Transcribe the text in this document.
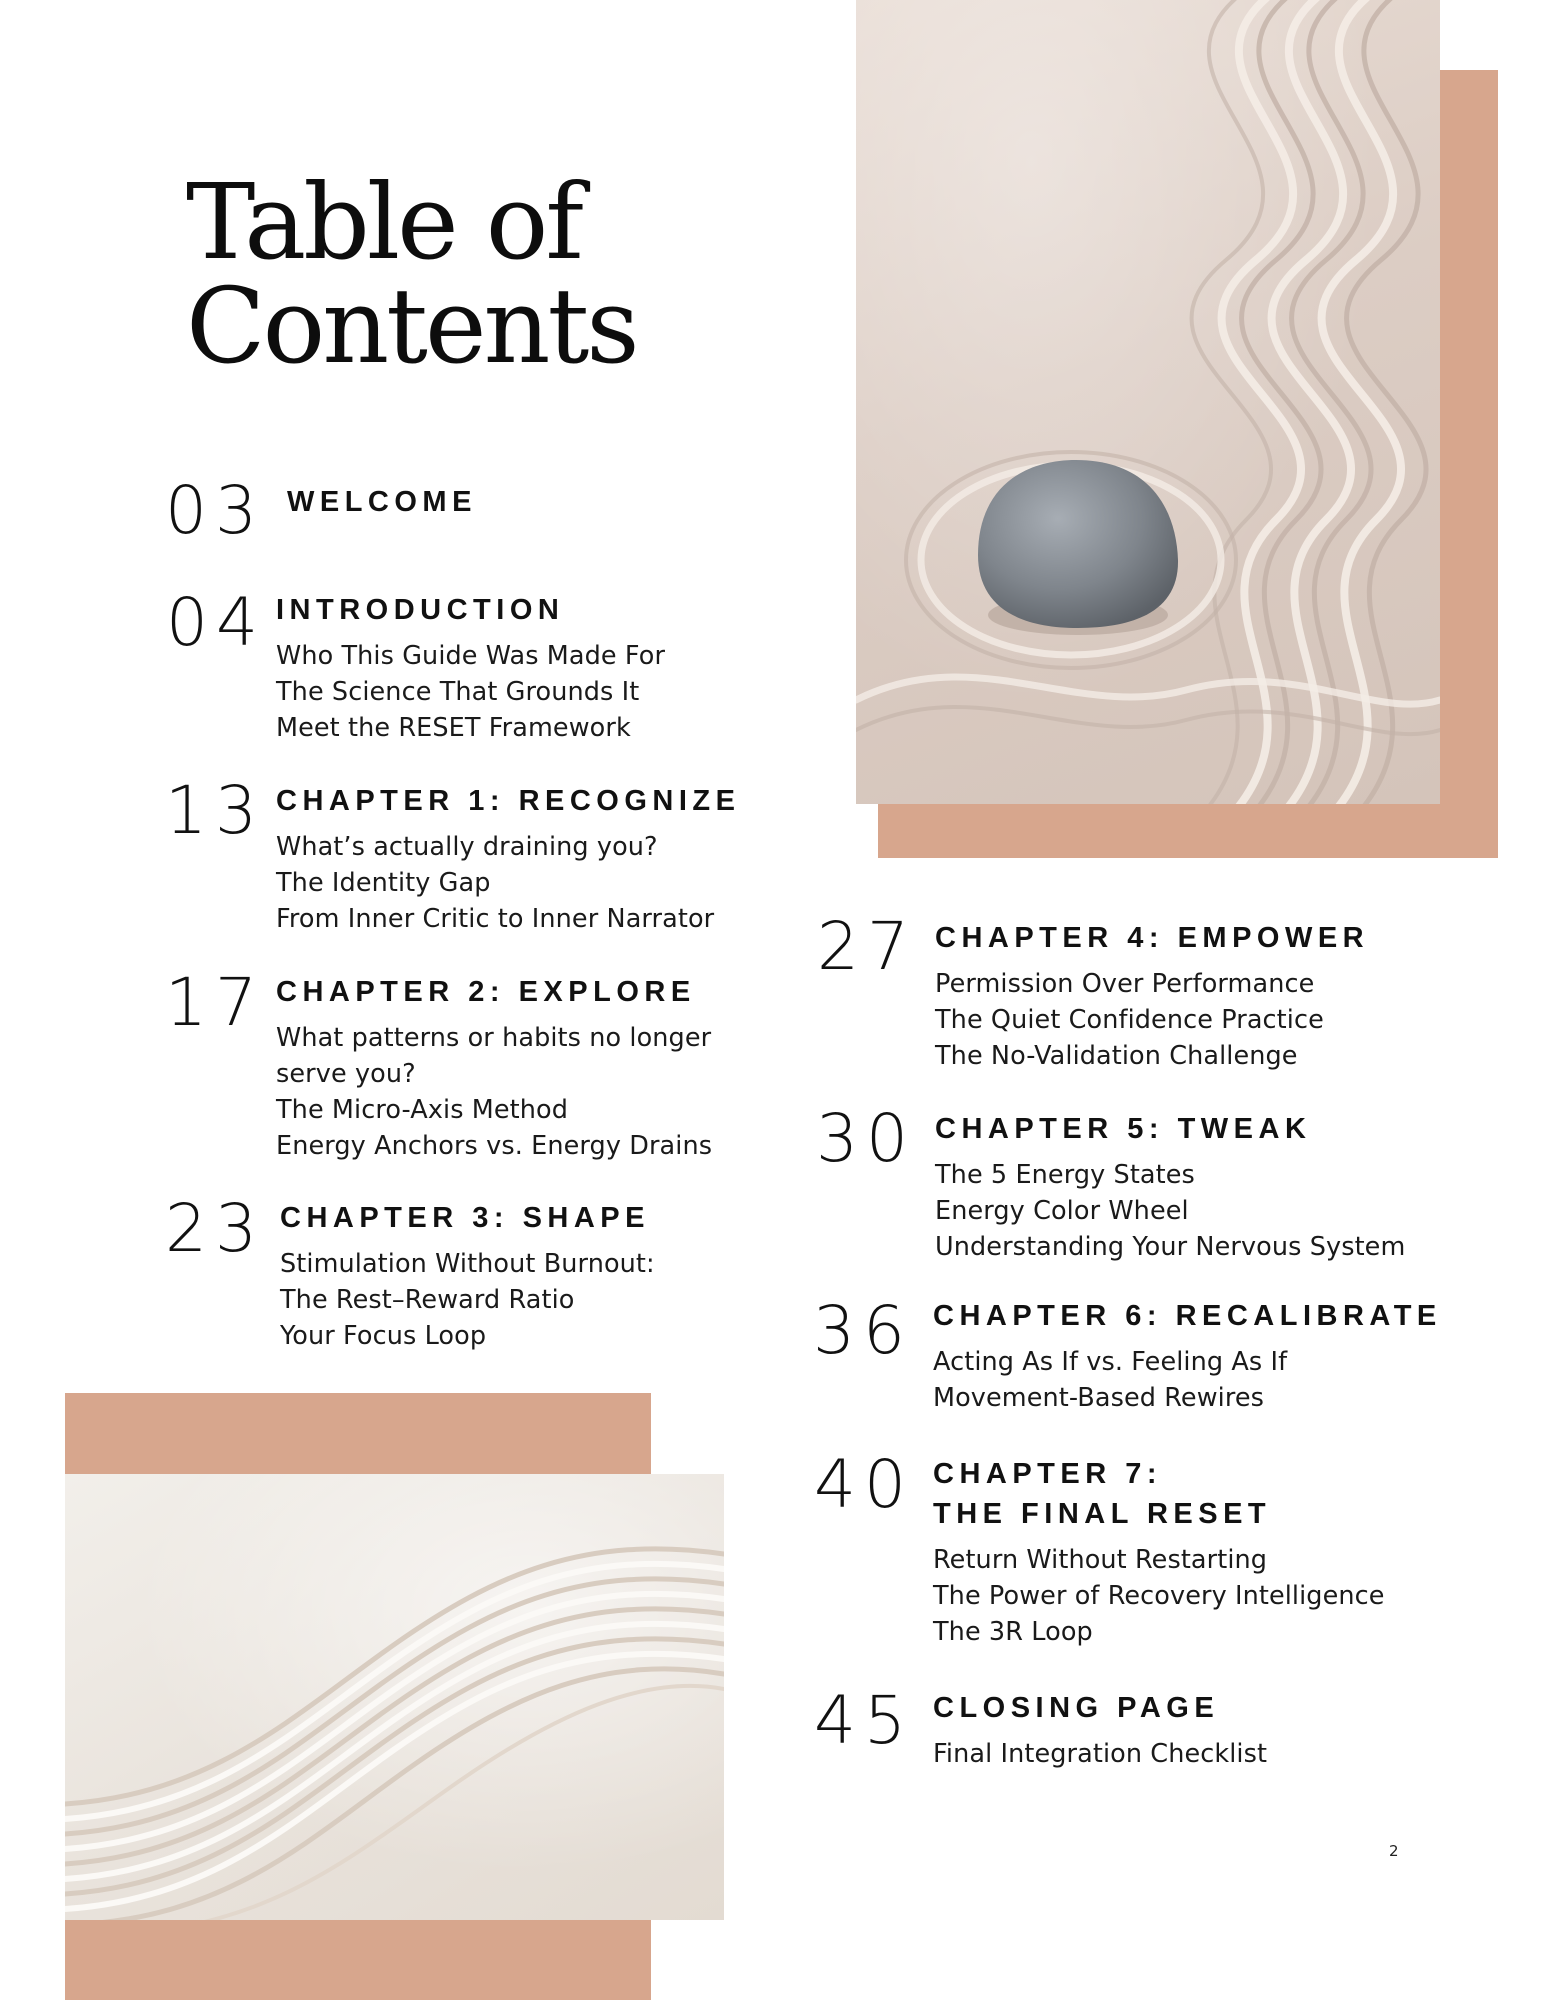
Table of
Contents
03 WELCOME
04 INTRODUCTION
Who This Guide Was Made For
The Science That Grounds It
Meet the RESET Framework
13 CHAPTER 1: RECOGNIZE
What’s actually draining you?
The Identity Gap
From Inner Critic to Inner Narrator
17 CHAPTER 2: EXPLORE
What patterns or habits no longer
serve you?
The Micro-Axis Method
Energy Anchors vs. Energy Drains
23 CHAPTER 3: SHAPE
Stimulation Without Burnout:
The Rest–Reward Ratio
Your Focus Loop
27 CHAPTER 4: EMPOWER
Permission Over Performance
The Quiet Confidence Practice
The No-Validation Challenge
30 CHAPTER 5: TWEAK
The 5 Energy States
Energy Color Wheel
Understanding Your Nervous System
36 CHAPTER 6: RECALIBRATE
Acting As If vs. Feeling As If
Movement-Based Rewires
40 CHAPTER 7:
THE FINAL RESET
Return Without Restarting
The Power of Recovery Intelligence
The 3R Loop
45 CLOSING PAGE
Final Integration Checklist
2
